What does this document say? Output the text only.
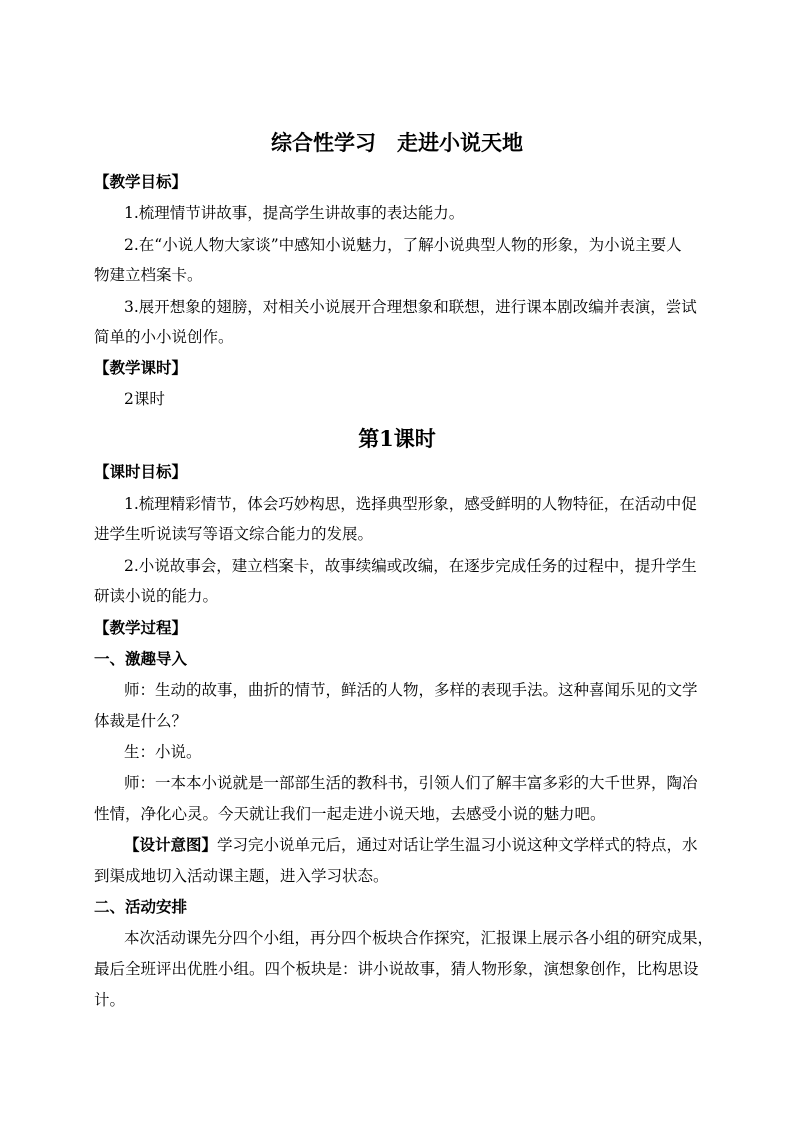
综合性学习　走进小说天地
【教学目标】
1.梳理情节讲故事，提高学生讲故事的表达能力。
2.在“小说人物大家谈”中感知小说魅力，了解小说典型人物的形象，为小说主要人
物建立档案卡。
3.展开想象的翅膀，对相关小说展开合理想象和联想，进行课本剧改编并表演，尝试
简单的小小说创作。
【教学课时】
2课时
第1课时
【课时目标】
1.梳理精彩情节，体会巧妙构思，选择典型形象，感受鲜明的人物特征，在活动中促
进学生听说读写等语文综合能力的发展。
2.小说故事会，建立档案卡，故事续编或改编，在逐步完成任务的过程中，提升学生
研读小说的能力。
【教学过程】
一、激趣导入
师：生动的故事，曲折的情节，鲜活的人物，多样的表现手法。这种喜闻乐见的文学
体裁是什么？
生：小说。
师：一本本小说就是一部部生活的教科书，引领人们了解丰富多彩的大千世界，陶冶
性情，净化心灵。今天就让我们一起走进小说天地，去感受小说的魅力吧。
【设计意图】学习完小说单元后，通过对话让学生温习小说这种文学样式的特点，水
到渠成地切入活动课主题，进入学习状态。
二、活动安排
本次活动课先分四个小组，再分四个板块合作探究，汇报课上展示各小组的研究成果，
最后全班评出优胜小组。四个板块是：讲小说故事，猜人物形象，演想象创作，比构思设
计。
